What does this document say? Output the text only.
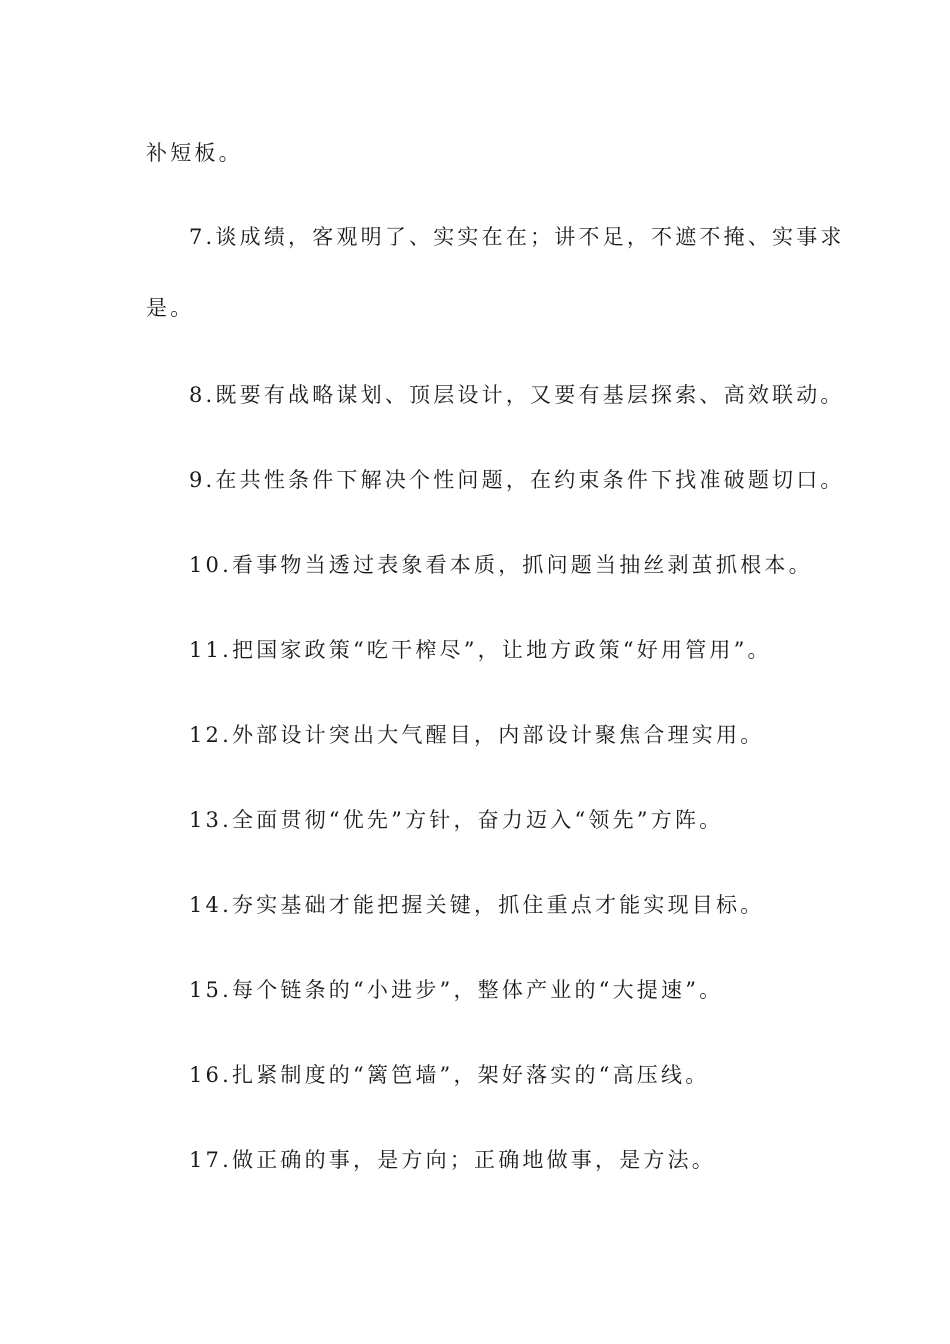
补短板。
7.谈成绩，客观明了、实实在在；讲不足，不遮不掩、实事求
是。
8.既要有战略谋划、顶层设计，又要有基层探索、高效联动。
9.在共性条件下解决个性问题，在约束条件下找准破题切口。
10.看事物当透过表象看本质，抓问题当抽丝剥茧抓根本。
11.把国家政策“吃干榨尽”，让地方政策“好用管用”。
12.外部设计突出大气醒目，内部设计聚焦合理实用。
13.全面贯彻“优先”方针，奋力迈入“领先”方阵。
14.夯实基础才能把握关键，抓住重点才能实现目标。
15.每个链条的“小进步”，整体产业的“大提速”。
16.扎紧制度的“篱笆墙”，架好落实的“高压线。
17.做正确的事，是方向；正确地做事，是方法。
